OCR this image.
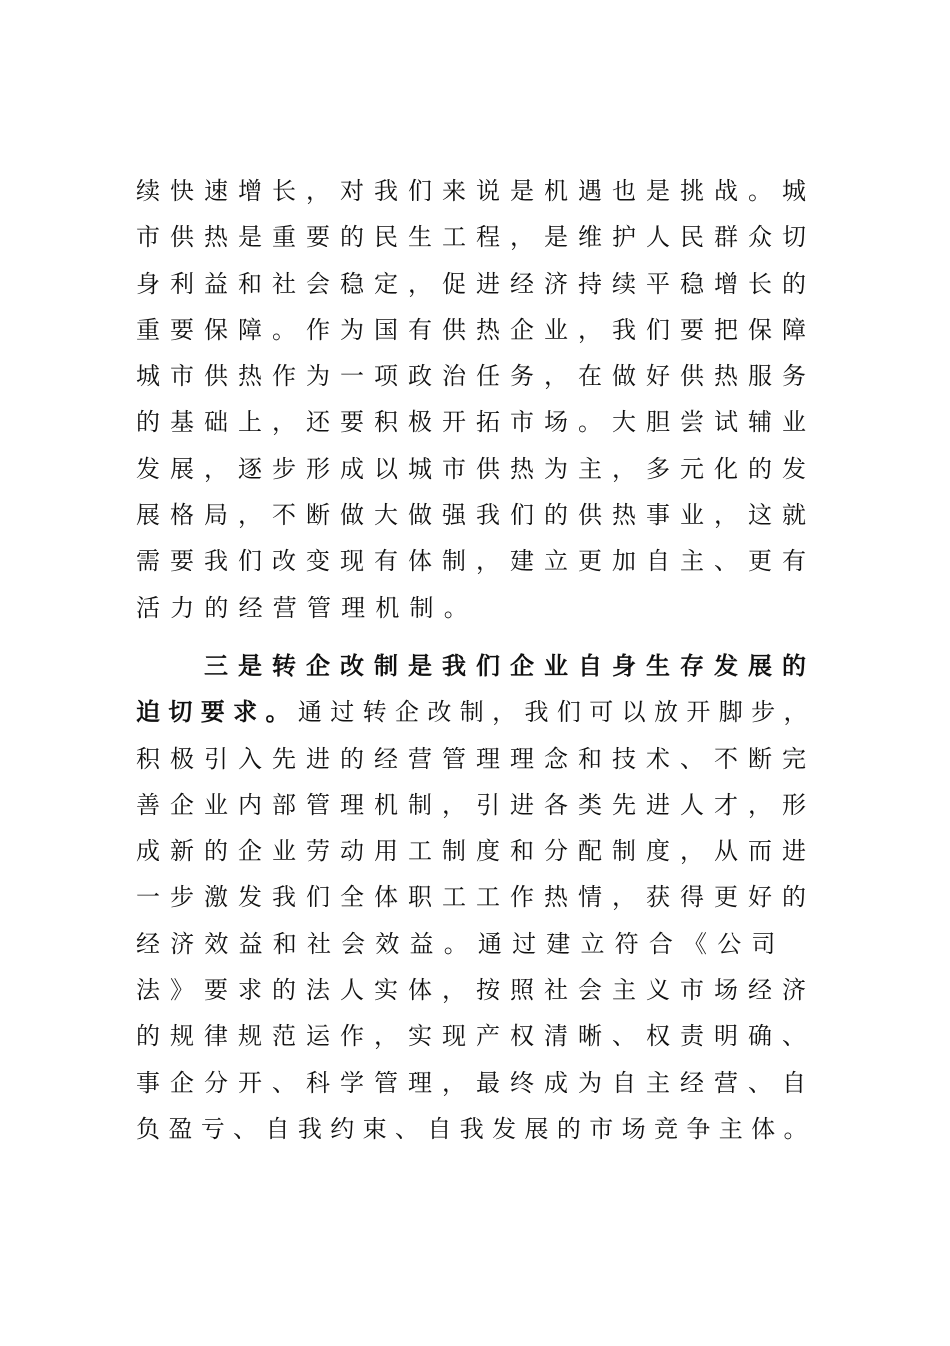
续 快 速 增 长 ， 对 我 们 来 说 是 机 遇 也 是 挑 战 。 城
市 供 热 是 重 要 的 民 生 工 程 ， 是 维 护 人 民 群 众 切
身 利 益 和 社 会 稳 定 ， 促 进 经 济 持 续 平 稳 增 长 的
重 要 保 障 。 作 为 国 有 供 热 企 业 ， 我 们 要 把 保 障
城 市 供 热 作 为 一 项 政 治 任 务 ， 在 做 好 供 热 服 务
的 基 础 上 ， 还 要 积 极 开 拓 市 场 。 大 胆 尝 试 辅 业
发 展 ， 逐 步 形 成 以 城 市 供 热 为 主 ， 多 元 化 的 发
展 格 局 ， 不 断 做 大 做 强 我 们 的 供 热 事 业 ， 这 就
需 要 我 们 改 变 现 有 体 制 ， 建 立 更 加 自 主 、 更 有
活 力 的 经 营 管 理 机 制 。
三 是 转 企 改 制 是 我 们 企 业 自 身 生 存 发 展 的
迫 切 要 求 。 通 过 转 企 改 制 ， 我 们 可 以 放 开 脚 步 ，
积 极 引 入 先 进 的 经 营 管 理 理 念 和 技 术 、 不 断 完
善 企 业 内 部 管 理 机 制 ， 引 进 各 类 先 进 人 才 ， 形
成 新 的 企 业 劳 动 用 工 制 度 和 分 配 制 度 ， 从 而 进
一 步 激 发 我 们 全 体 职 工 工 作 热 情 ， 获 得 更 好 的
经 济 效 益 和 社 会 效 益 。 通 过 建 立 符 合 《 公 司
法 》 要 求 的 法 人 实 体 ， 按 照 社 会 主 义 市 场 经 济
的 规 律 规 范 运 作 ， 实 现 产 权 清 晰 、 权 责 明 确 、
事 企 分 开 、 科 学 管 理 ， 最 终 成 为 自 主 经 营 、 自
负 盈 亏 、 自 我 约 束 、 自 我 发 展 的 市 场 竞 争 主 体 。
